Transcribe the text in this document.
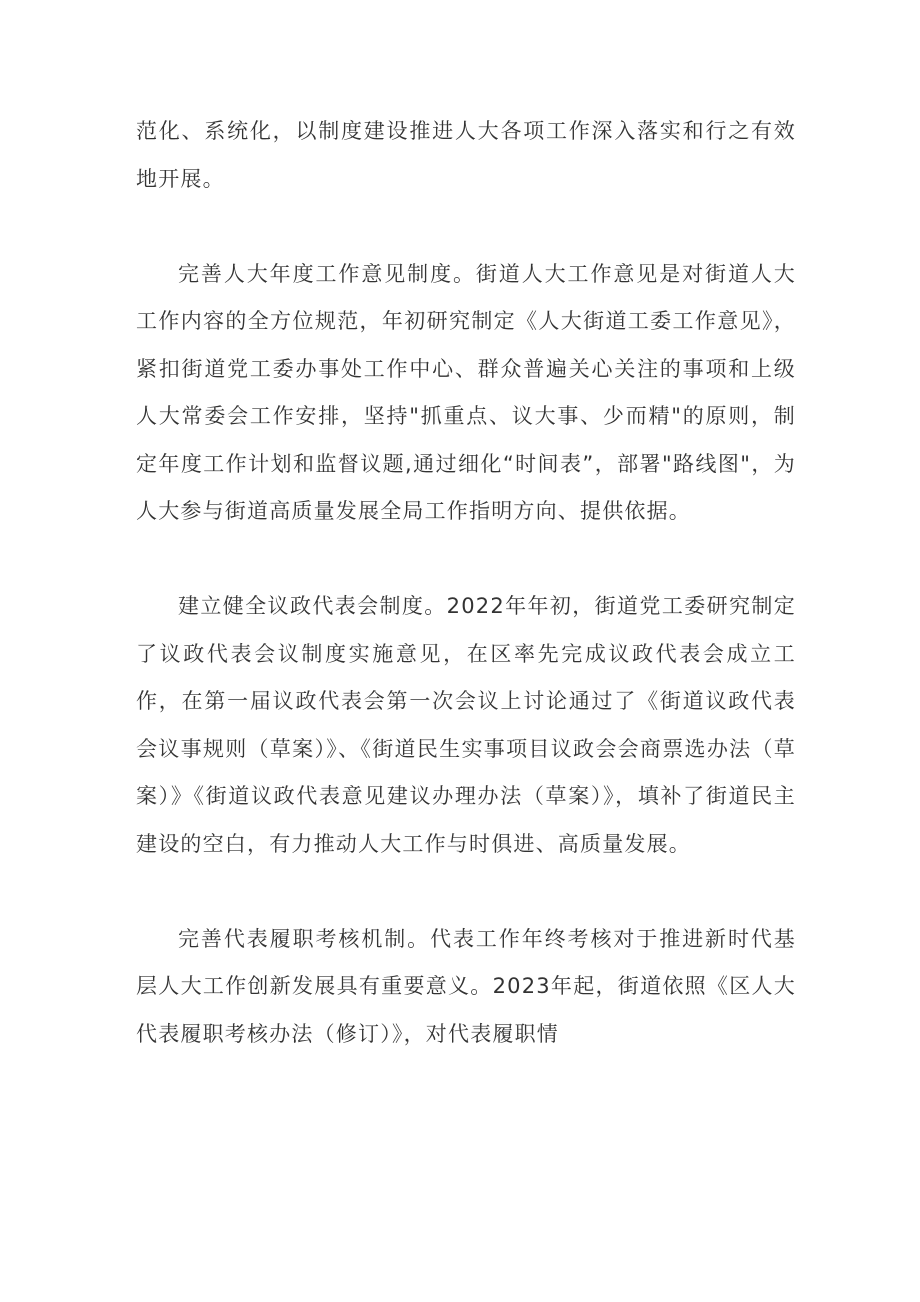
范化、系统化，以制度建设推进人大各项工作深入落实和行之有效地开展。

完善人大年度工作意见制度。街道人大工作意见是对街道人大工作内容的全方位规范，年初研究制定《人大街道工委工作意见》，紧扣街道党工委办事处工作中心、群众普遍关心关注的事项和上级人大常委会工作安排，坚持"抓重点、议大事、少而精"的原则，制定年度工作计划和监督议题,通过细化“时间表”，部署"路线图"，为人大参与街道高质量发展全局工作指明方向、提供依据。

建立健全议政代表会制度。2022年年初，街道党工委研究制定了议政代表会议制度实施意见，在区率先完成议政代表会成立工作，在第一届议政代表会第一次会议上讨论通过了《街道议政代表会议事规则（草案）》、《街道民生实事项目议政会会商票选办法（草案）》《街道议政代表意见建议办理办法（草案）》，填补了街道民主建设的空白，有力推动人大工作与时俱进、高质量发展。

完善代表履职考核机制。代表工作年终考核对于推进新时代基层人大工作创新发展具有重要意义。2023年起，街道依照《区人大代表履职考核办法（修订）》，对代表履职情
